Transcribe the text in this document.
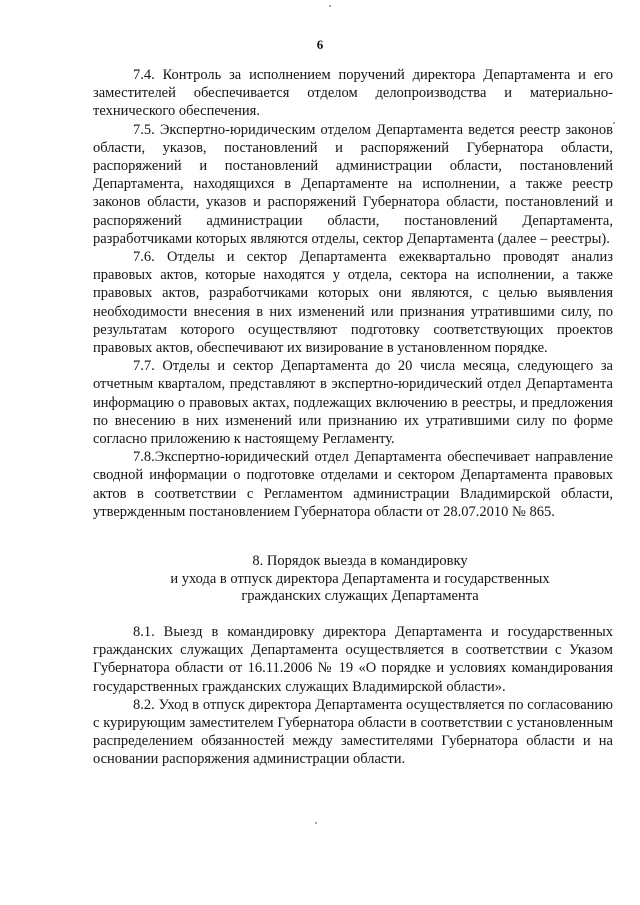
6

7.4. Контроль за исполнением поручений директора Департамента и его заместителей обеспечивается отделом делопроизводства и материально-технического обеспечения.

7.5. Экспертно-юридическим отделом Департамента ведется реестр законов области, указов, постановлений и распоряжений Губернатора области, распоряжений и постановлений администрации области, постановлений Департамента, находящихся в Департаменте на исполнении, а также реестр законов области, указов и распоряжений Губернатора области, постановлений и распоряжений администрации области, постановлений Департамента, разработчиками которых являются отделы, сектор Департамента (далее – реестры).

7.6. Отделы и сектор Департамента ежеквартально проводят анализ правовых актов, которые находятся у отдела, сектора на исполнении, а также правовых актов, разработчиками которых они являются, с целью выявления необходимости внесения в них изменений или признания утратившими силу, по результатам которого осуществляют подготовку соответствующих проектов правовых актов, обеспечивают их визирование в установленном порядке.

7.7. Отделы и сектор Департамента до 20 числа месяца, следующего за отчетным кварталом, представляют в экспертно-юридический отдел Департамента информацию о правовых актах, подлежащих включению в реестры, и предложения по внесению в них изменений или признанию их утратившими силу по форме согласно приложению к настоящему Регламенту.

7.8.Экспертно-юридический отдел Департамента обеспечивает направление сводной информации о подготовке отделами и сектором Департамента правовых актов в соответствии с Регламентом администрации Владимирской области, утвержденным постановлением Губернатора области от 28.07.2010 № 865.

8. Порядок выезда в командировку
и ухода в отпуск директора Департамента и государственных
гражданских служащих Департамента

8.1. Выезд в командировку директора Департамента и государственных гражданских служащих Департамента осуществляется в соответствии с Указом Губернатора области от 16.11.2006 № 19 «О порядке и условиях командирования государственных гражданских служащих Владимирской области».

8.2. Уход в отпуск директора Департамента осуществляется по согласованию с курирующим заместителем Губернатора области в соответствии с установленным распределением обязанностей между заместителями Губернатора области и на основании распоряжения администрации области.
